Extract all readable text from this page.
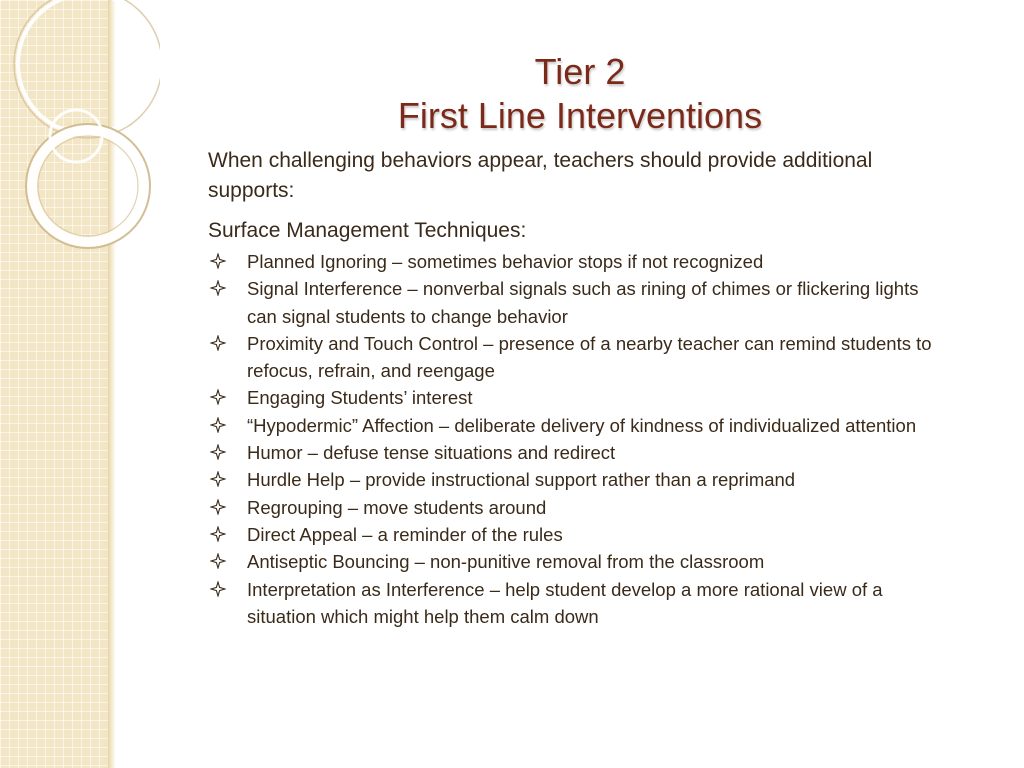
Tier 2
First Line Interventions
When challenging behaviors appear, teachers should provide additional supports:
Surface Management Techniques:
Planned Ignoring – sometimes behavior stops if not recognized
Signal Interference – nonverbal signals such as rining of chimes or flickering lights can signal students to change behavior
Proximity and Touch Control – presence of a nearby teacher can remind students to refocus, refrain, and reengage
Engaging Students’ interest
“Hypodermic” Affection – deliberate delivery of kindness of individualized attention
Humor – defuse tense situations and redirect
Hurdle Help – provide instructional support rather than a reprimand
Regrouping – move students around
Direct Appeal – a reminder of the rules
Antiseptic Bouncing – non-punitive removal from the classroom
Interpretation as Interference – help student develop a more rational view of a situation which might help them calm down
